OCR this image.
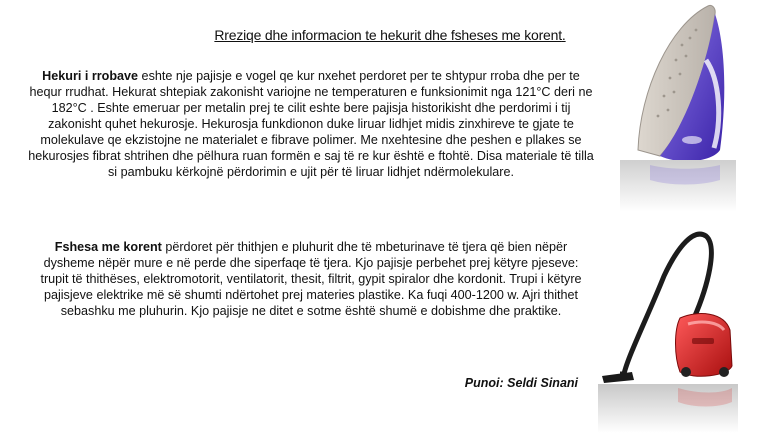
Rreziqe dhe informacion te hekurit dhe fsheses me korent.
Hekuri i rrobave eshte nje pajisje e vogel qe kur nxehet perdoret per te shtypur rroba dhe per te hequr rrudhat. Hekurat shtepiak zakonisht variojne ne temperaturen e funksionimit nga 121°C deri ne 182°C . Eshte emeruar per metalin prej te cilit eshte bere pajisja historikisht dhe perdorimi i tij zakonisht quhet hekurosje. Hekurosja funkdionon duke liruar lidhjet midis zinxhireve te gjate te molekulave qe ekzistojne ne materialet e fibrave polimer. Me nxehtesine dhe peshen e pllakes se hekurosjes fibrat shtrihen dhe pëlhura ruan formën e saj të re kur është e ftohtë. Disa materiale të tilla si pambuku kërkojnë përdorimin e ujit për të liruar lidhjet ndërmolekulare.
Fshesa me korent përdoret për thithjen e pluhurit dhe të mbeturinave të tjera që bien nëpër dysheme nëpër mure e në perde dhe siperfaqe të tjera. Kjo pajisje perbehet prej këtyre pjeseve: trupit të thithëses, elektromotorit, ventilatorit, thesit, filtrit, gypit spiralor dhe kordonit. Trupi i këtyre pajisjeve elektrike më së shumti ndërtohet prej materies plastike. Ka fuqi 400-1200 w. Ajri thithet sebashku me pluhurin. Kjo pajisje ne ditet e sotme është shumë e dobishme dhe praktike.
Punoi: Seldi Sinani
